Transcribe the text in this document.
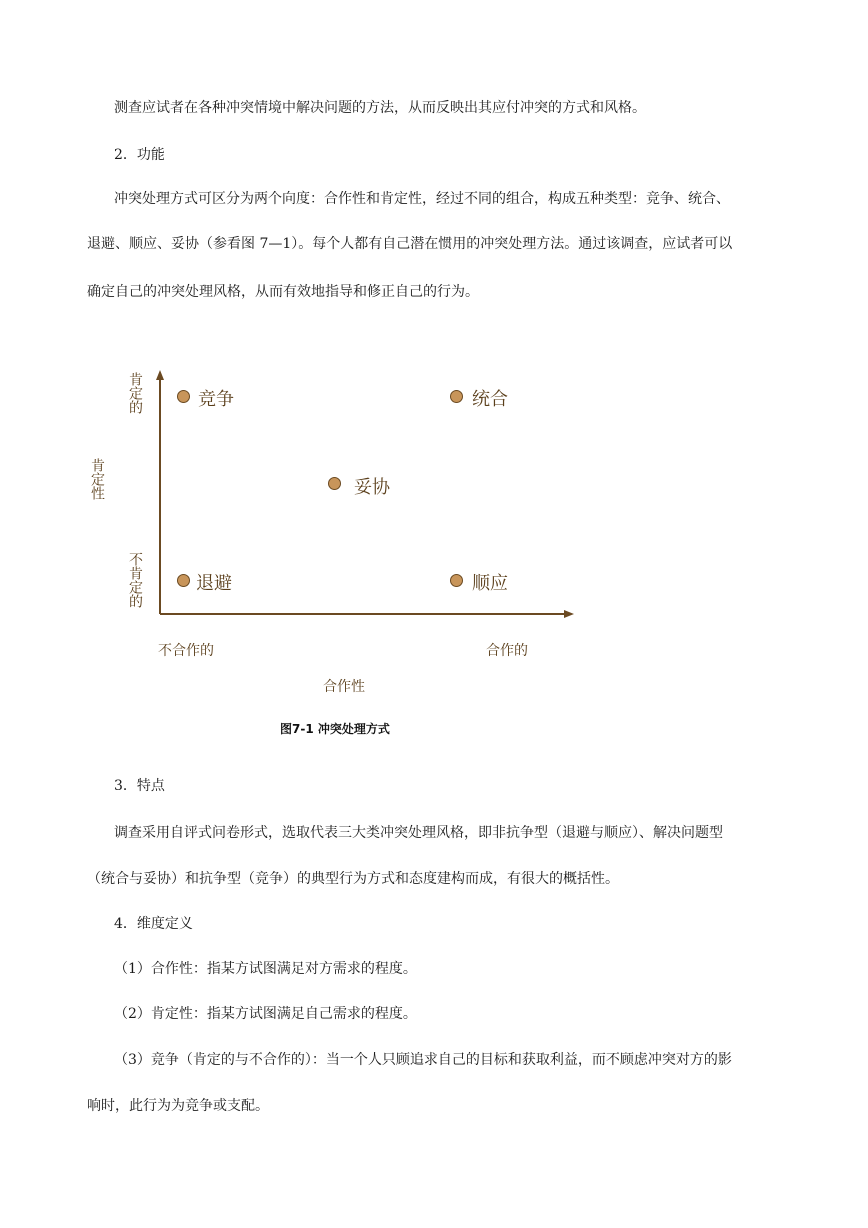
测查应试者在各种冲突情境中解决问题的方法，从而反映出其应付冲突的方式和风格。
2．功能
冲突处理方式可区分为两个向度：合作性和肯定性，经过不同的组合，构成五种类型：竞争、统合、
退避、顺应、妥协（参看图 7—1）。每个人都有自己潜在惯用的冲突处理方法。通过该调查，应试者可以
确定自己的冲突处理风格，从而有效地指导和修正自己的行为。
肯定的
肯定性
不肯定的
竞争	统合
妥协
退避	顺应
不合作的	合作的
合作性
图7-1 冲突处理方式
3．特点
调查采用自评式问卷形式，选取代表三大类冲突处理风格，即非抗争型（退避与顺应）、解决问题型
（统合与妥协）和抗争型（竞争）的典型行为方式和态度建构而成，有很大的概括性。
4．维度定义
（1）合作性：指某方试图满足对方需求的程度。
（2）肯定性：指某方试图满足自己需求的程度。
（3）竞争（肯定的与不合作的）：当一个人只顾追求自己的目标和获取利益，而不顾虑冲突对方的影
响时，此行为为竞争或支配。
